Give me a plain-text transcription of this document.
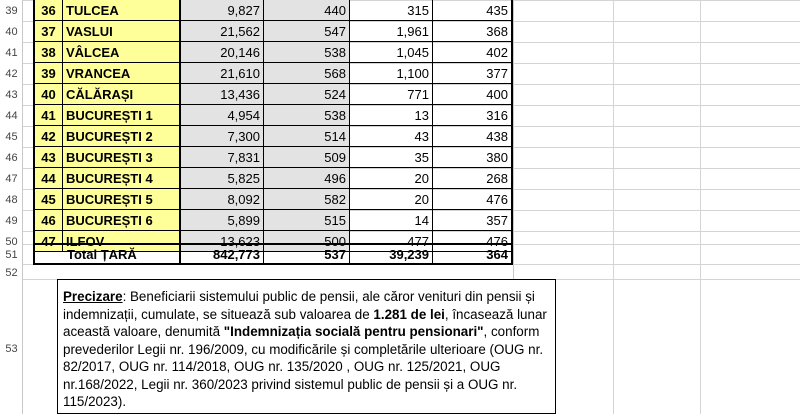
39
40
41
42
43
44
45
46
47
48
49
50
51
52
53
36 TULCEA	9,827	440	315	435
37 VASLUI	21,562	547	1,961	368
38 VÂLCEA	20,146	538	1,045	402
39 VRANCEA	21,610	568	1,100	377
40 CĂLĂRAȘI	13,436	524	771	400
41 BUCUREȘTI 1	4,954	538	13	316
42 BUCUREȘTI 2	7,300	514	43	438
43 BUCUREȘTI 3	7,831	509	35	380
44 BUCUREȘTI 4	5,825	496	20	268
45 BUCUREȘTI 5	8,092	582	20	476
46 BUCUREȘTI 6	5,899	515	14	357
47 ILFOV	13,623	500	477	476
Total ȚARĂ	842,773	537	39,239	364
Precizare: Beneficiarii sistemului public de pensii, ale căror venituri din pensii și indemnizații, cumulate, se situează sub valoarea de 1.281 de lei, încasează lunar această valoare, denumită "Indemnizația socială pentru pensionari", conform prevederilor Legii nr. 196/2009, cu modificările și completările ulterioare (OUG nr. 82/2017, OUG nr. 114/2018, OUG nr. 135/2020 , OUG nr. 125/2021, OUG nr.168/2022, Legii nr. 360/2023 privind sistemul public de pensii și a OUG nr. 115/2023).
